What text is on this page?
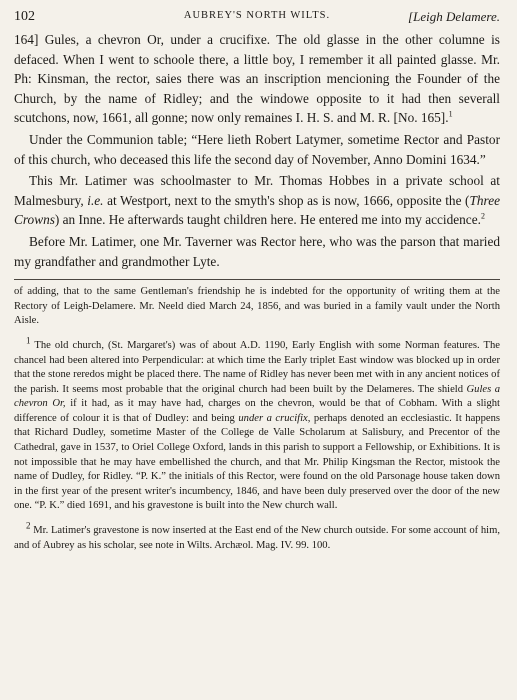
102	AUBREY'S NORTH WILTS.	[Leigh Delamere.

164] Gules, a chevron Or, under a crucifixe. The old glasse in the other columne is defaced. When I went to schoole there, a little boy, I remember it all painted glasse. Mr. Ph: Kinsman, the rector, saies there was an inscription mencioning the Founder of the Church, by the name of Ridley; and the windowe opposite to it had then severall scutchons, now, 1661, all gonne; now only remaines I. H. S. and M. R. [No. 165].$^1$

Under the Communion table; “Here lieth Robert Latymer, sometime Rector and Pastor of this church, who deceased this life the second day of November, Anno Domini 1634.”

This Mr. Latimer was schoolmaster to Mr. Thomas Hobbes in a private school at Malmesbury, i.e. at Westport, next to the smyth's shop as is now, 1666, opposite the (Three Crowns) an Inne. He afterwards taught children here. He entered me into my accidence.$^2$

Before Mr. Latimer, one Mr. Taverner was Rector here, who was the parson that maried my grandfather and grandmother Lyte.

of adding, that to the same Gentleman's friendship he is indebted for the opportunity of writing them at the Rectory of Leigh-Delamere. Mr. Neeld died March 24, 1856, and was buried in a family vault under the North Aisle.
$^1$ The old church, (St. Margaret's) was of about A.D. 1190, Early English with some Norman features. The chancel had been altered into Perpendicular: at which time the Early triplet East window was blocked up in order that the stone reredos might be placed there. The name of Ridley has never been met with in any ancient notices of the parish. It seems most probable that the original church had been built by the Delameres. The shield Gules a chevron Or, if it had, as it may have had, charges on the chevron, would be that of Cobham. With a slight difference of colour it is that of Dudley: and being under a crucifix, perhaps denoted an ecclesiastic. It happens that Richard Dudley, sometime Master of the College de Valle Scholarum at Salisbury, and Precentor of the Cathedral, gave in 1537, to Oriel College Oxford, lands in this parish to support a Fellowship, or Exhibitions. It is not impossible that he may have embellished the church, and that Mr. Philip Kingsman the Rector, mistook the name of Dudley, for Ridley. “P. K.” the initials of this Rector, were found on the old Parsonage house taken down in the first year of the present writer's incumbency, 1846, and have been duly preserved over the door of the new one. “P. K.” died 1691, and his gravestone is built into the New church wall.
$^2$ Mr. Latimer's gravestone is now inserted at the East end of the New church outside. For some account of him, and of Aubrey as his scholar, see note in Wilts. Archæol. Mag. IV. 99. 100.
